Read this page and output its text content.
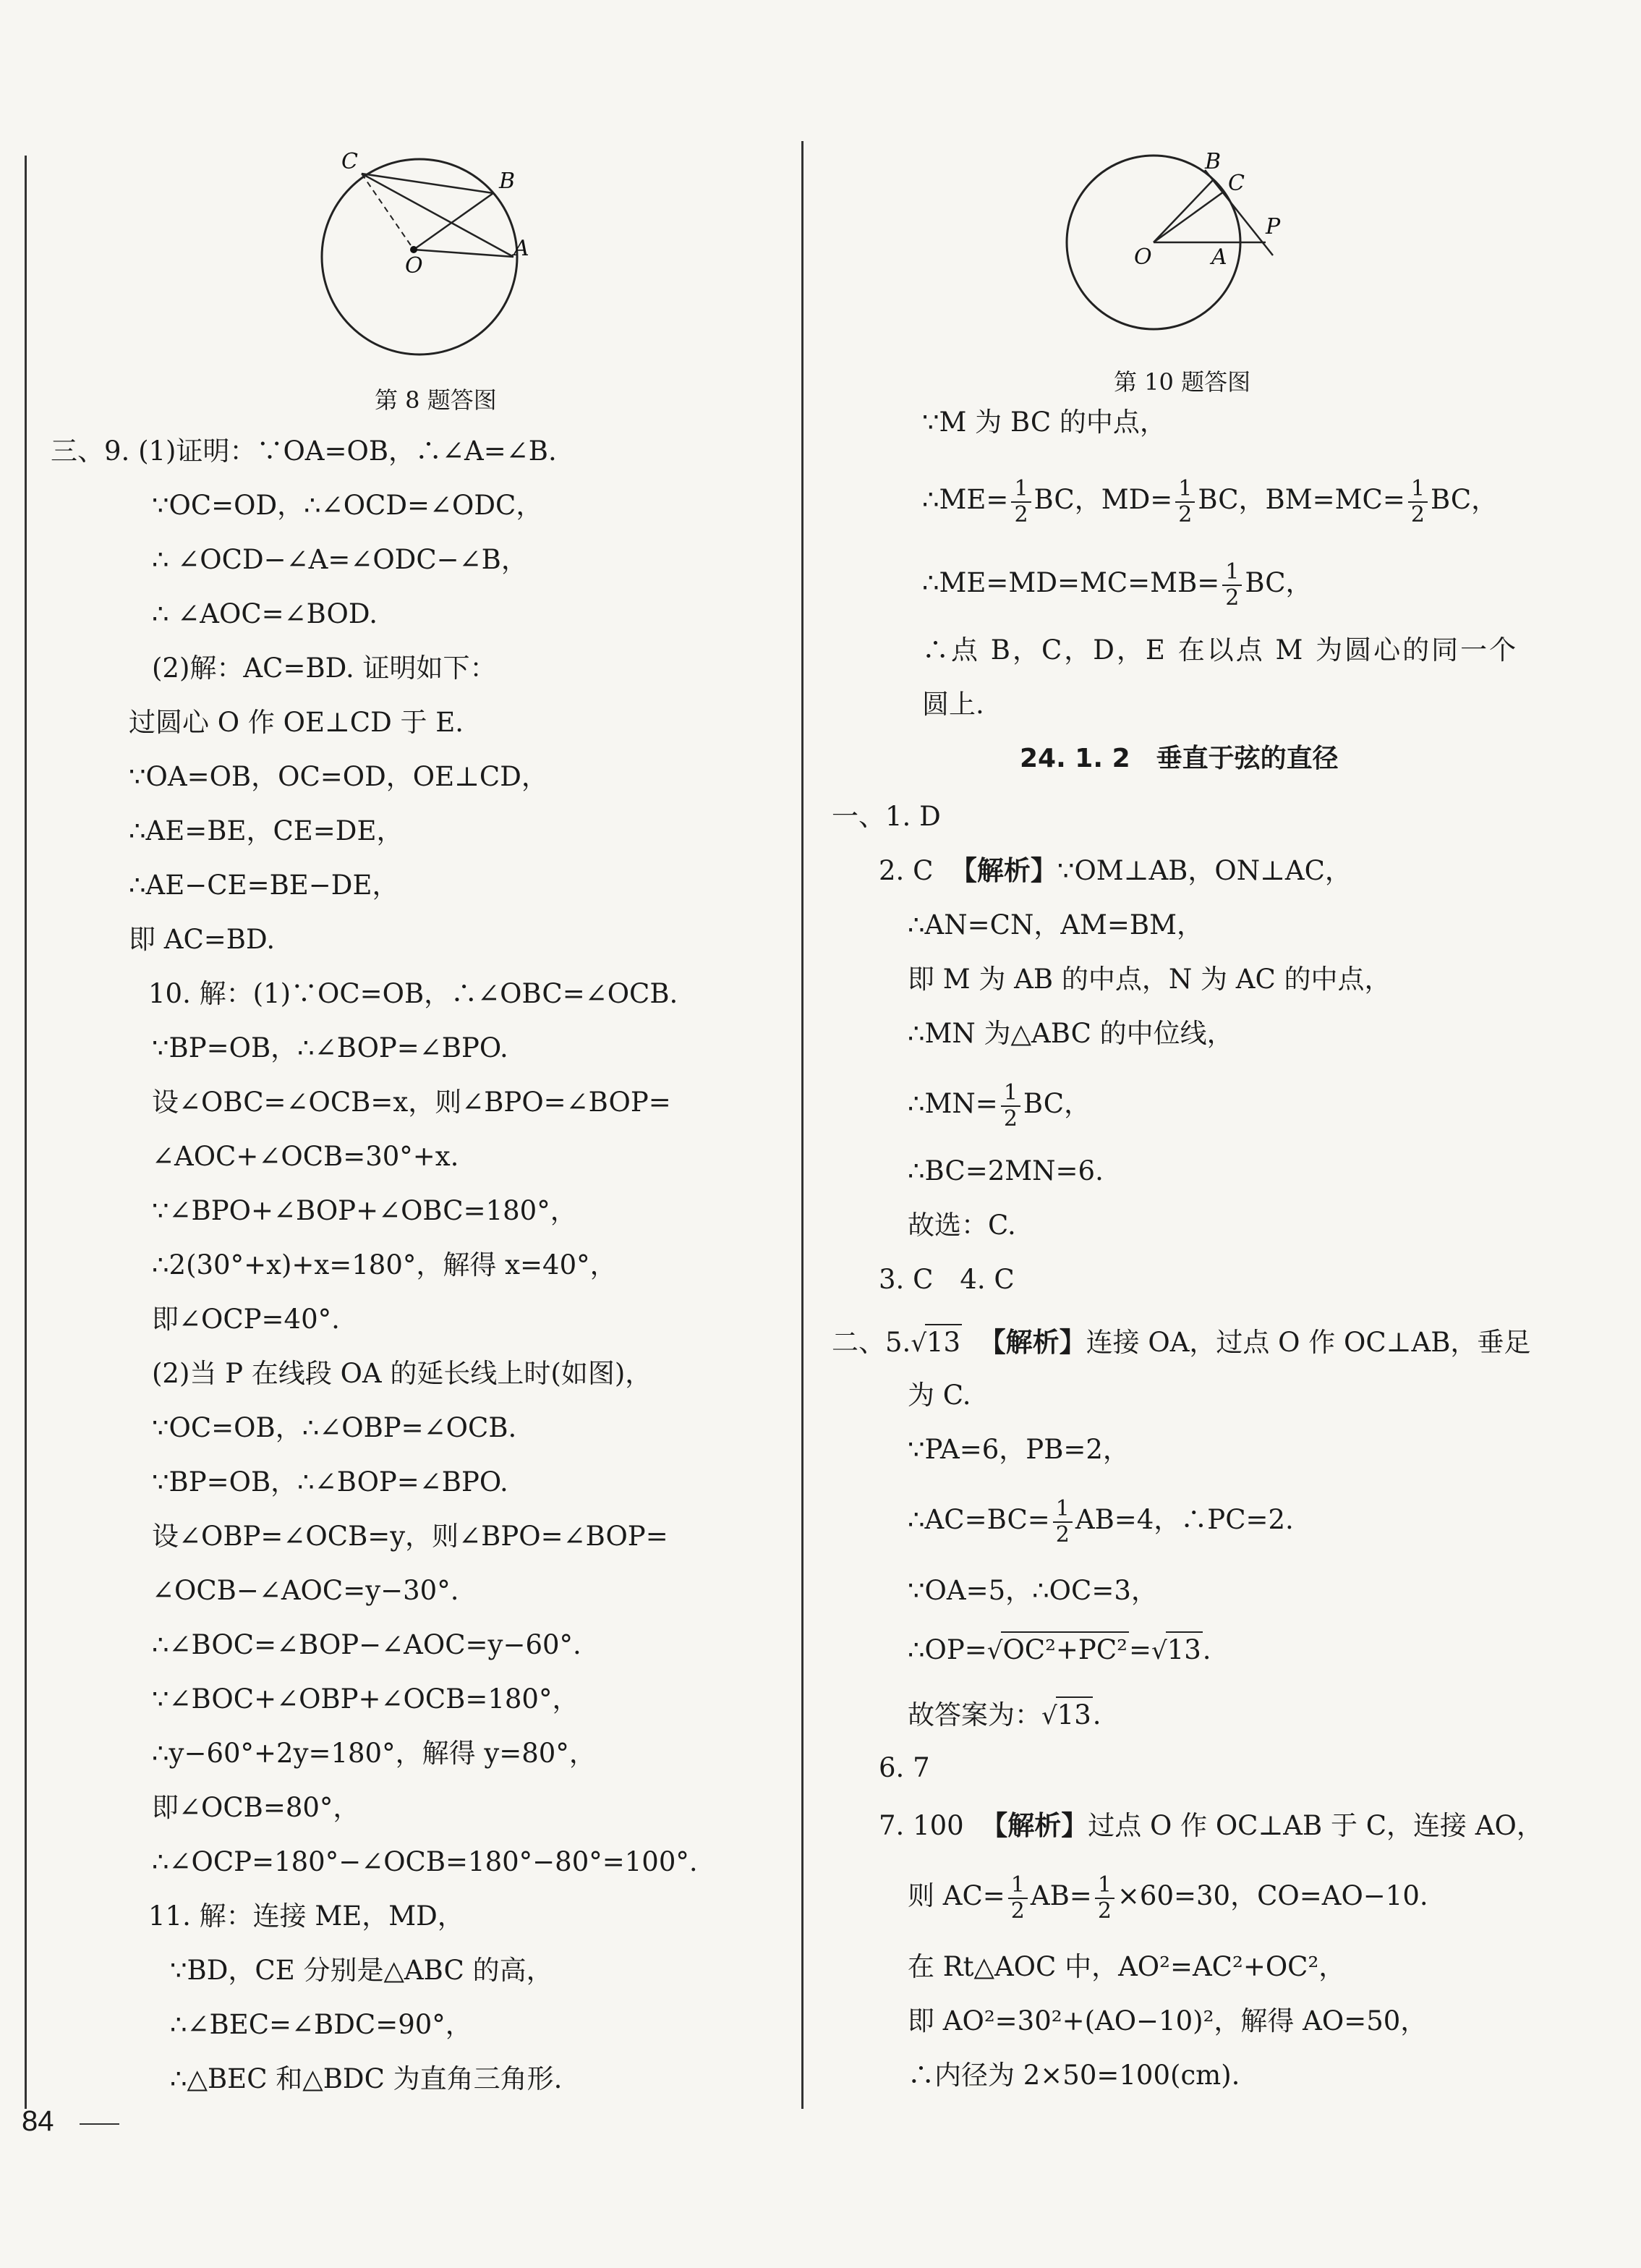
C
B
O
A
第 8 题答图
三、9. (1)证明：∵OA=OB，∴∠A=∠B.
∵OC=OD，∴∠OCD=∠ODC，
∴ ∠OCD−∠A=∠ODC−∠B，
∴ ∠AOC=∠BOD.
(2)解：AC=BD. 证明如下：
过圆心 O 作 OE⊥CD 于 E.
∵OA=OB，OC=OD，OE⊥CD，
∴AE=BE，CE=DE，
∴AE−CE=BE−DE，
即 AC=BD.
10. 解：(1)∵OC=OB，∴∠OBC=∠OCB.
∵BP=OB，∴∠BOP=∠BPO.
设∠OBC=∠OCB=x，则∠BPO=∠BOP=
∠AOC+∠OCB=30°+x.
∵∠BPO+∠BOP+∠OBC=180°，
∴2(30°+x)+x=180°，解得 x=40°，
即∠OCP=40°.
(2)当 P 在线段 OA 的延长线上时(如图)，
∵OC=OB，∴∠OBP=∠OCB.
∵BP=OB，∴∠BOP=∠BPO.
设∠OBP=∠OCB=y，则∠BPO=∠BOP=
∠OCB−∠AOC=y−30°.
∴∠BOC=∠BOP−∠AOC=y−60°.
∵∠BOC+∠OBP+∠OCB=180°，
∴y−60°+2y=180°，解得 y=80°，
即∠OCB=80°，
∴∠OCP=180°−∠OCB=180°−80°=100°.
11. 解：连接 ME，MD，
∵BD，CE 分别是△ABC 的高，
∴∠BEC=∠BDC=90°，
∴△BEC 和△BDC 为直角三角形.
B
C
P
O	A
第 10 题答图
∵M 为 BC 的中点，
∴ME= $\frac{1}{2}$ BC，$MD= \frac{1}{2}$ BC，$BM=MC= \frac{1}{2}$ BC，
∴ME=MD=MC=MB= $\frac{1}{2}$ BC，
∴点 B，C，D，E 在以点 M 为圆心的同一个
圆上.
24. 1. 2　垂直于弦的直径
一、1. D
2. C 【解析】∵OM⊥AB，ON⊥AC，
∴AN=CN，AM=BM，
即 M 为 AB 的中点，N 为 AC 的中点，
∴MN 为△ABC 的中位线，
∴MN= $\frac{1}{2}$ BC，
∴BC=2MN=6.
故选：C.
3. C　4. C
二、5.√13 【解析】连接 OA，过点 O 作 OC⊥AB，垂足
为 C.
∵PA=6，PB=2，
∴AC=BC= $\frac{1}{2} AB=4$，∴PC=2.
∵OA=5，∴OC=3，
∴OP=√OC²+PC²=√13.
故答案为：√13.
6. 7
7. 100 【解析】过点 O 作 OC⊥AB 于 C，连接 AO，
则 $AC= \frac{1}{2} AB= \frac{1}{2} \times 60=30$，CO=AO−10.
在 Rt△AOC 中，AO²=AC²+OC²，
即 AO²=30²+(AO−10)²，解得 AO=50，
∴内径为 2×50=100(cm).
84
